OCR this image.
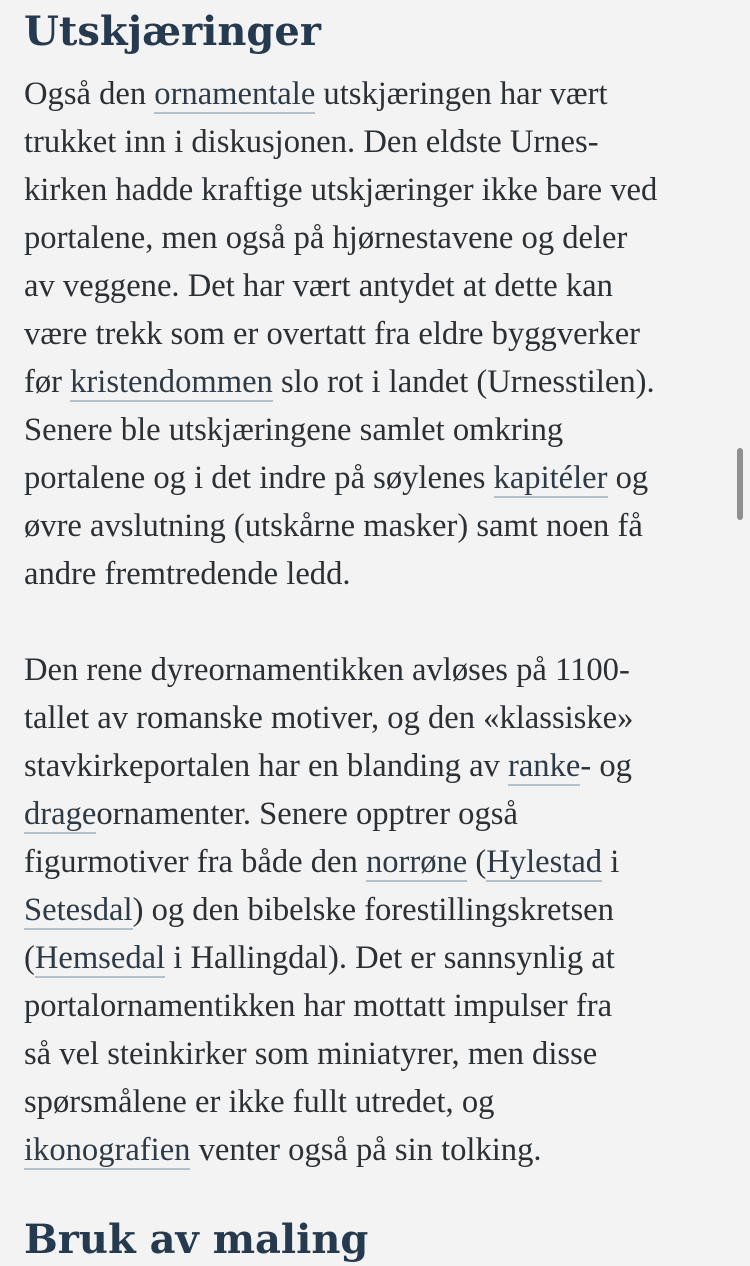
Utskjæringer
Også den ornamentale utskjæringen har vært
trukket inn i diskusjonen. Den eldste Urnes-
kirken hadde kraftige utskjæringer ikke bare ved
portalene, men også på hjørnestavene og deler
av veggene. Det har vært antydet at dette kan
være trekk som er overtatt fra eldre byggverker
før kristendommen slo rot i landet (Urnesstilen).
Senere ble utskjæringene samlet omkring
portalene og i det indre på søylenes kapitéler og
øvre avslutning (utskårne masker) samt noen få
andre fremtredende ledd.
Den rene dyreornamentikken avløses på 1100-
tallet av romanske motiver, og den «klassiske»
stavkirkeportalen har en blanding av ranke- og
drageornamenter. Senere opptrer også
figurmotiver fra både den norrøne (Hylestad i
Setesdal) og den bibelske forestillingskretsen
(Hemsedal i Hallingdal). Det er sannsynlig at
portalornamentikken har mottatt impulser fra
så vel steinkirker som miniatyrer, men disse
spørsmålene er ikke fullt utredet, og
ikonografien venter også på sin tolking.
Bruk av maling
